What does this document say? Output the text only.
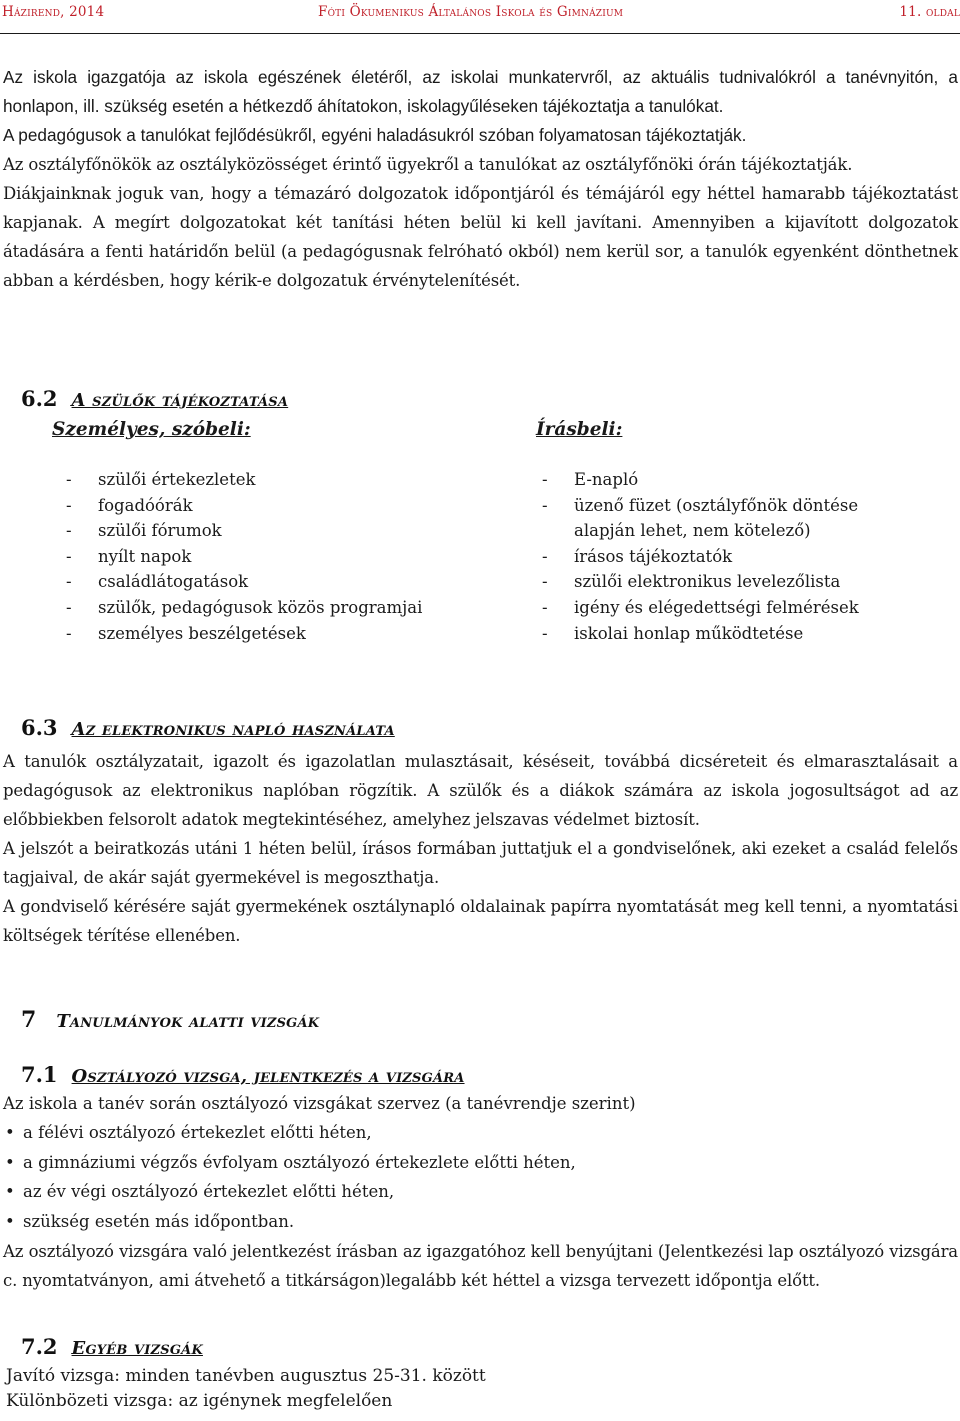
Házirend, 2014	Fóti Ökumenikus Általános Iskola és Gimnázium	11. oldal

Az iskola igazgatója az iskola egészének életéről, az iskolai munkatervről, az aktuális tudnivalókról a tanévnyitón, a honlapon, ill. szükség esetén a hétkezdő áhítatokon, iskolagyűléseken tájékoztatja a tanulókat.

A pedagógusok a tanulókat fejlődésükről, egyéni haladásukról szóban folyamatosan tájékoztatják.

Az osztályfőnökök az osztályközösséget érintő ügyekről a tanulókat az osztályfőnöki órán tájékoztatják.

Diákjainknak joguk van, hogy a témazáró dolgozatok időpontjáról és témájáról egy héttel hamarabb tájékoztatást kapjanak. A megírt dolgozatokat két tanítási héten belül ki kell javítani. Amennyiben a kijavított dolgozatok átadására a fenti határidőn belül (a pedagógusnak felróható okból) nem kerül sor, a tanulók egyenként dönthetnek abban a kérdésben, hogy kérik-e dolgozatuk érvénytelenítését.

6.2 A szülők tájékoztatása
Személyes, szóbeli:	Írásbeli:
- szülői értekezletek
- fogadóórák
- szülői fórumok
- nyílt napok
- családlátogatások
- szülők, pedagógusok közös programjai
- személyes beszélgetések
- E-napló
- üzenő füzet (osztályfőnök döntése
alapján lehet, nem kötelező)
- írásos tájékoztatók
- szülői elektronikus levelezőlista
- igény és elégedettségi felmérések
- iskolai honlap működtetése
6.3 Az elektronikus napló használata

A tanulók osztályzatait, igazolt és igazolatlan mulasztásait, késéseit, továbbá dicséreteit és elmarasztalásait a pedagógusok az elektronikus naplóban rögzítik. A szülők és a diákok számára az iskola jogosultságot ad az előbbiekben felsorolt adatok megtekintéséhez, amelyhez jelszavas védelmet biztosít.

A jelszót a beiratkozás utáni 1 héten belül, írásos formában juttatjuk el a gondviselőnek, aki ezeket a család felelős tagjaival, de akár saját gyermekével is megoszthatja.

A gondviselő kérésére saját gyermekének osztálynapló oldalainak papírra nyomtatását meg kell tenni, a nyomtatási költségek térítése ellenében.

7 Tanulmányok alatti vizsgák
7.1 Osztályozó vizsga, jelentkezés a vizsgára
Az iskola a tanév során osztályozó vizsgákat szervez (a tanévrendje szerint)
• a félévi osztályozó értekezlet előtti héten,
• a gimnáziumi végzős évfolyam osztályozó értekezlete előtti héten,
• az év végi osztályozó értekezlet előtti héten,
• szükség esetén más időpontban.

Az osztályozó vizsgára való jelentkezést írásban az igazgatóhoz kell benyújtani (Jelentkezési lap osztályozó vizsgára c. nyomtatványon, ami átvehető a titkárságon)legalább két héttel a vizsga tervezett időpontja előtt.

7.2 Egyéb vizsgák
Javító vizsga: minden tanévben augusztus 25-31. között
Különbözeti vizsga: az igénynek megfelelően
